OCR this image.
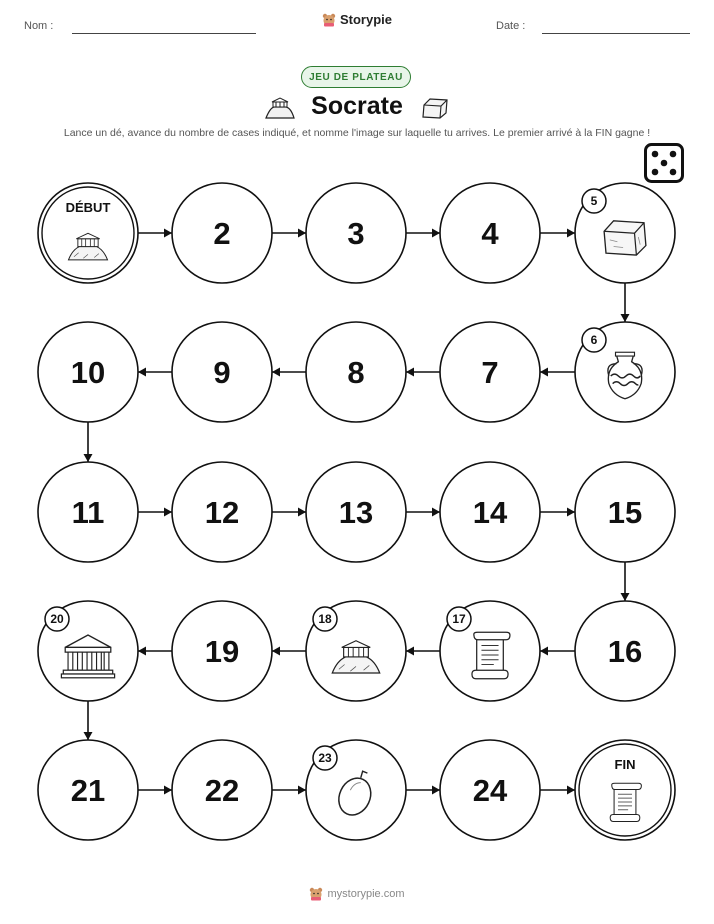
Nom :	Storypie	Date :
JEU DE PLATEAU
Socrate
Lance un dé, avance du nombre de cases indiqué, et nomme l'image sur laquelle tu arrives. Le premier arrivé à la FIN gagne !
DÉBUT
2	3	4
5
6
7
8
9
10
11	12	13	14	15
16
17
18
19
20
21	22
23
24
FIN
mystorypie.com
